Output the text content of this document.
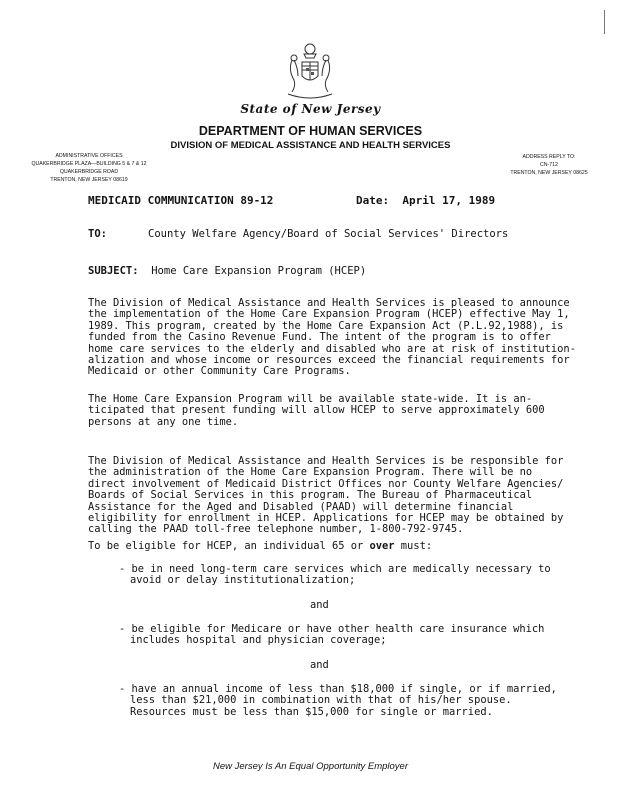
State of New Jersey
DEPARTMENT OF HUMAN SERVICES
DIVISION OF MEDICAL ASSISTANCE AND HEALTH SERVICES
ADMINISTRATIVE OFFICES
QUAKERBRIDGE PLAZA—BUILDING 5 & 7 & 12
QUAKERBRIDGE ROAD
TRENTON, NEW JERSEY 08619
ADDRESS REPLY TO:
CN-712
TRENTON, NEW JERSEY 08625
MEDICAID COMMUNICATION 89-12	Date: April 17, 1989
TO:	County Welfare Agency/Board of Social Services' Directors
SUBJECT: Home Care Expansion Program (HCEP)
The Division of Medical Assistance and Health Services is pleased to announce
the implementation of the Home Care Expansion Program (HCEP) effective May 1,
1989. This program, created by the Home Care Expansion Act (P.L.92,1988), is
funded from the Casino Revenue Fund. The intent of the program is to offer
home care services to the elderly and disabled who are at risk of institution-
alization and whose income or resources exceed the financial requirements for
Medicaid or other Community Care Programs.
The Home Care Expansion Program will be available state-wide. It is an-
ticipated that present funding will allow HCEP to serve approximately 600
persons at any one time.
The Division of Medical Assistance and Health Services is be responsible for
the administration of the Home Care Expansion Program. There will be no
direct involvement of Medicaid District Offices nor County Welfare Agencies/
Boards of Social Services in this program. The Bureau of Pharmaceutical
Assistance for the Aged and Disabled (PAAD) will determine financial
eligibility for enrollment in HCEP. Applications for HCEP may be obtained by
calling the PAAD toll-free telephone number, 1-800-792-9745.
To be eligible for HCEP, an individual 65 or over must:
- be in need long-term care services which are medically necessary to
avoid or delay institutionalization;
and
- be eligible for Medicare or have other health care insurance which
includes hospital and physician coverage;
and
- have an annual income of less than $18,000 if single, or if married,
less than $21,000 in combination with that of his/her spouse.
Resources must be less than $15,000 for single or married.
New Jersey Is An Equal Opportunity Employer
